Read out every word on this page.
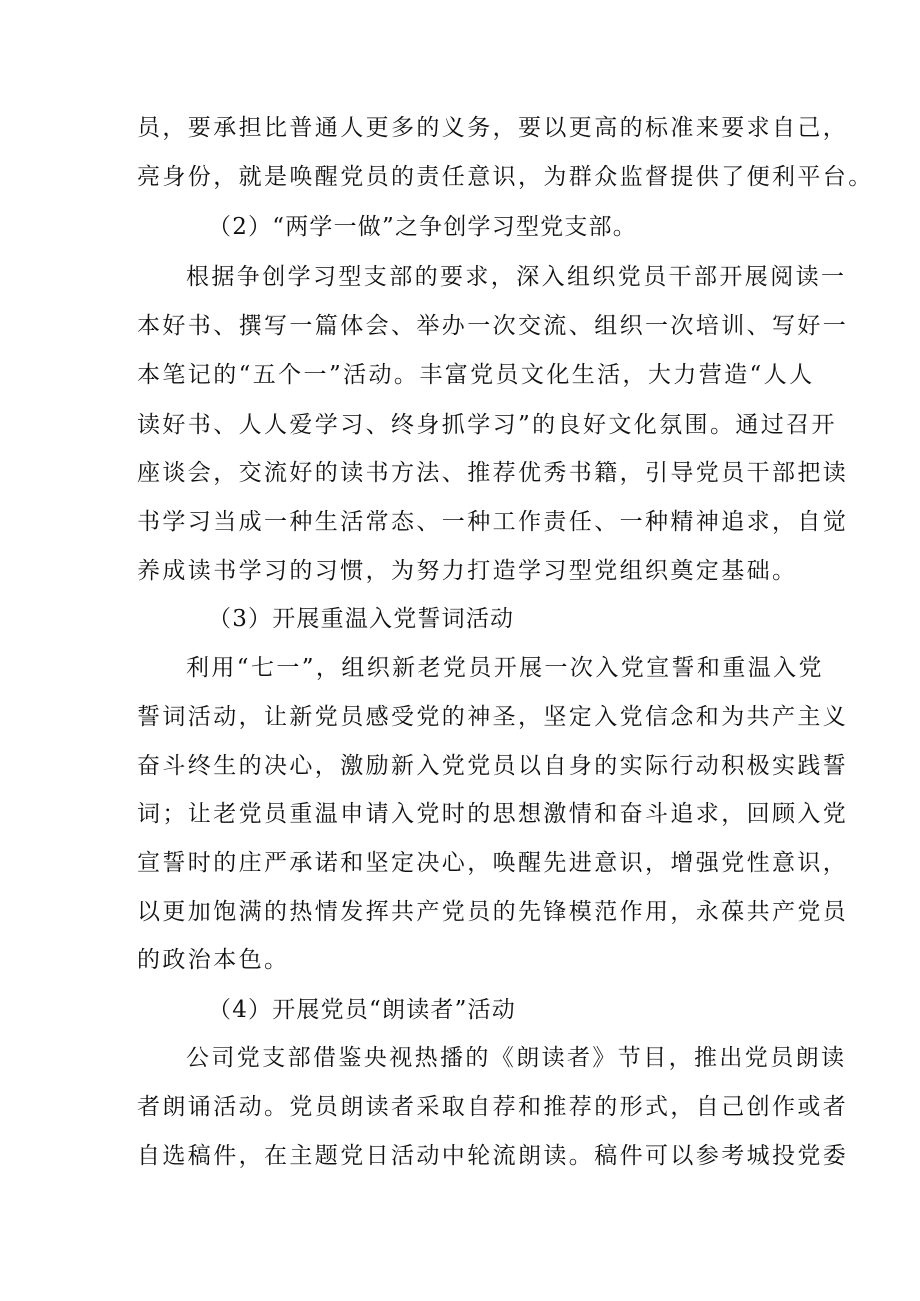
员，要承担比普通人更多的义务，要以更高的标准来要求自己，
亮身份，就是唤醒党员的责任意识，为群众监督提供了便利平台。
（2）“两学一做”之争创学习型党支部。
根据争创学习型支部的要求，深入组织党员干部开展阅读一
本好书、撰写一篇体会、举办一次交流、组织一次培训、写好一
本笔记的“五个一”活动。丰富党员文化生活，大力营造“人人
读好书、人人爱学习、终身抓学习”的良好文化氛围。通过召开
座谈会，交流好的读书方法、推荐优秀书籍，引导党员干部把读
书学习当成一种生活常态、一种工作责任、一种精神追求，自觉
养成读书学习的习惯，为努力打造学习型党组织奠定基础。
（3）开展重温入党誓词活动
利用“七一”，组织新老党员开展一次入党宣誓和重温入党
誓词活动，让新党员感受党的神圣，坚定入党信念和为共产主义
奋斗终生的决心，激励新入党党员以自身的实际行动积极实践誓
词；让老党员重温申请入党时的思想激情和奋斗追求，回顾入党
宣誓时的庄严承诺和坚定决心，唤醒先进意识，增强党性意识，
以更加饱满的热情发挥共产党员的先锋模范作用，永葆共产党员
的政治本色。
（4）开展党员“朗读者”活动
公司党支部借鉴央视热播的《朗读者》节目，推出党员朗读
者朗诵活动。党员朗读者采取自荐和推荐的形式，自己创作或者
自选稿件，在主题党日活动中轮流朗读。稿件可以参考城投党委
